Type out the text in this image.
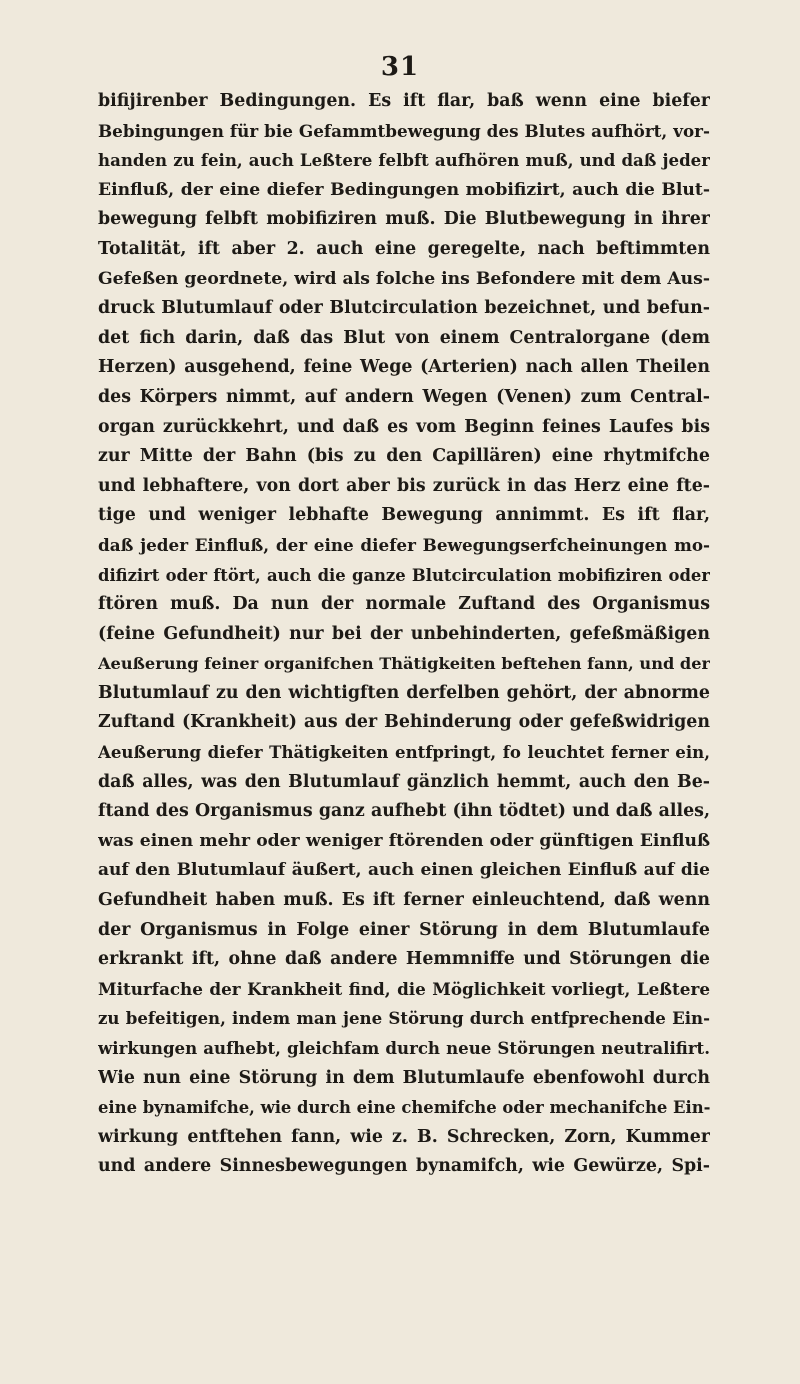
31
bifijirenber Bedingungen. Es ift flar, baß wenn eine biefer
Bebingungen für bie Gefammtbewegung des Blutes aufhört, vor-
handen zu fein, auch Leßtere felbft aufhören muß, und daß jeder
Einfluß, der eine diefer Bedingungen mobifizirt, auch die Blut-
bewegung felbft mobifiziren muß. Die Blutbewegung in ihrer
Totalität, ift aber 2. auch eine geregelte, nach beftimmten
Gefeßen geordnete, wird als folche ins Befondere mit dem Aus-
druck Blutumlauf oder Blutcirculation bezeichnet, und befun-
det fich darin, daß das Blut von einem Centralorgane (dem
Herzen) ausgehend, feine Wege (Arterien) nach allen Theilen
des Körpers nimmt, auf andern Wegen (Venen) zum Central-
organ zurückkehrt, und daß es vom Beginn feines Laufes bis
zur Mitte der Bahn (bis zu den Capillären) eine rhytmifche
und lebhaftere, von dort aber bis zurück in das Herz eine fte-
tige und weniger lebhafte Bewegung annimmt. Es ift flar,
daß jeder Einfluß, der eine diefer Bewegungserfcheinungen mo-
difizirt oder ftört, auch die ganze Blutcirculation mobifiziren oder
ftören muß. Da nun der normale Zuftand des Organismus
(feine Gefundheit) nur bei der unbehinderten, gefeßmäßigen
Aeußerung feiner organifchen Thätigkeiten beftehen fann, und der
Blutumlauf zu den wichtigften derfelben gehört, der abnorme
Zuftand (Krankheit) aus der Behinderung oder gefeßwidrigen
Aeußerung diefer Thätigkeiten entfpringt, fo leuchtet ferner ein,
daß alles, was den Blutumlauf gänzlich hemmt, auch den Be-
ftand des Organismus ganz aufhebt (ihn tödtet) und daß alles,
was einen mehr oder weniger ftörenden oder günftigen Einfluß
auf den Blutumlauf äußert, auch einen gleichen Einfluß auf die
Gefundheit haben muß. Es ift ferner einleuchtend, daß wenn
der Organismus in Folge einer Störung in dem Blutumlaufe
erkrankt ift, ohne daß andere Hemmniffe und Störungen die
Miturfache der Krankheit find, die Möglichkeit vorliegt, Leßtere
zu befeitigen, indem man jene Störung durch entfprechende Ein-
wirkungen aufhebt, gleichfam durch neue Störungen neutralifirt.
Wie nun eine Störung in dem Blutumlaufe ebenfowohl durch
eine bynamifche, wie durch eine chemifche oder mechanifche Ein-
wirkung entftehen fann, wie z. B. Schrecken, Zorn, Kummer
und andere Sinnesbewegungen bynamifch, wie Gewürze, Spi-
